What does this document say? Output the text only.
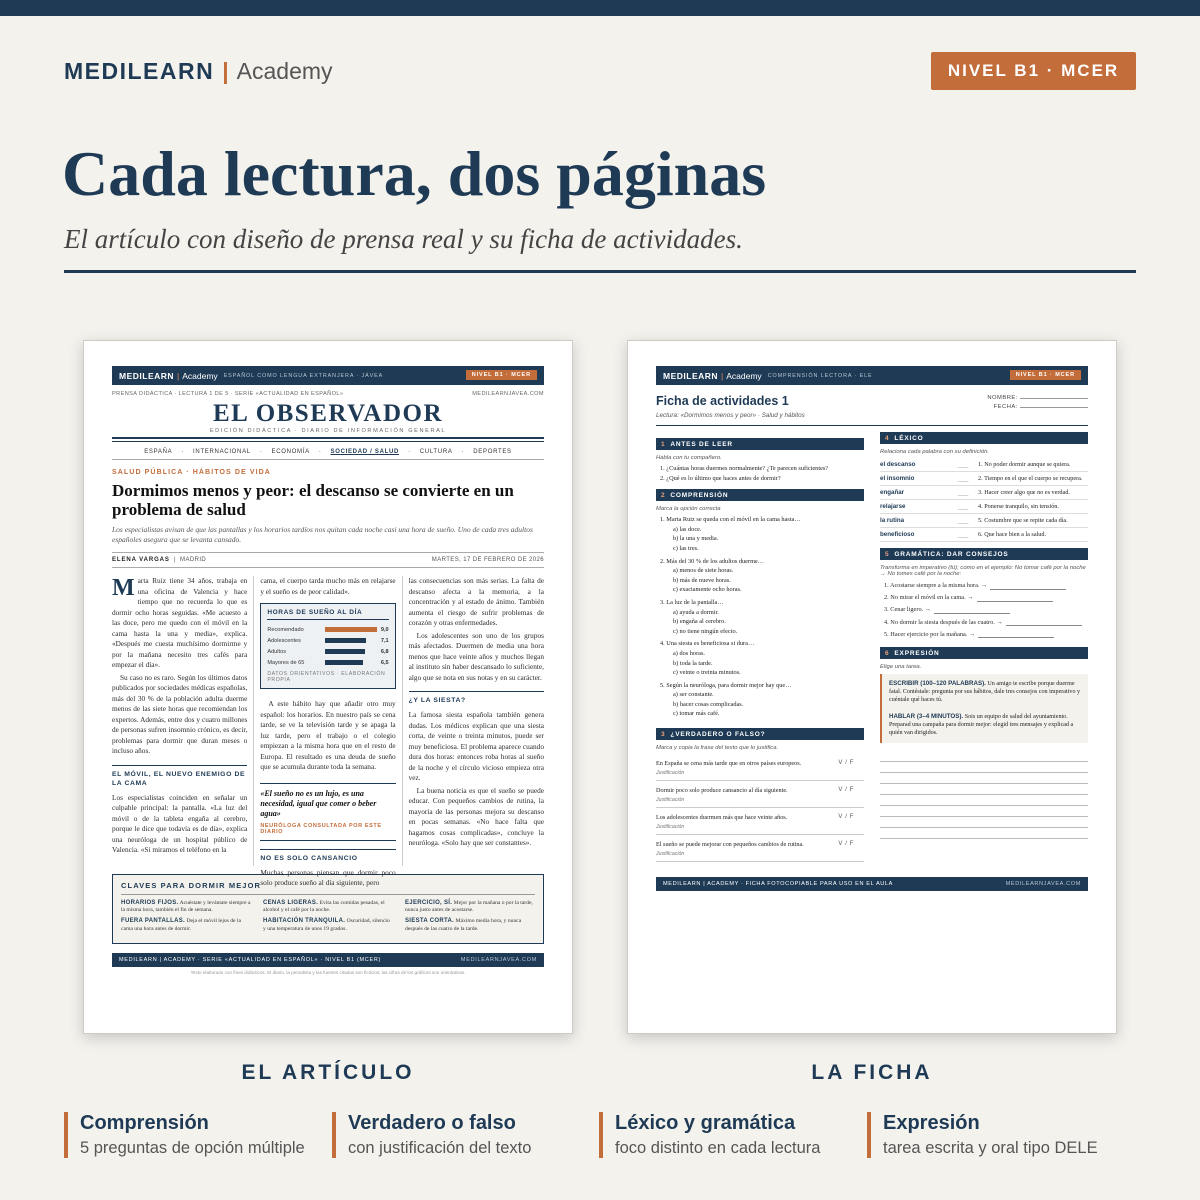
MEDILEARN | Academy	NIVEL B1 · MCER
Cada lectura, dos páginas
El artículo con diseño de prensa real y su ficha de actividades.
MEDILEARN | Academy ESPAÑOL COMO LENGUA EXTRANJERA · JÁVEA	NIVEL B1 · MCER
PRENSA DIDÁCTICA · LECTURA 1 DE 5 · SERIE «ACTUALIDAD EN ESPAÑOL»	MEDILEARNJAVEA.COM
EL OBSERVADOR
EDICIÓN DIDÁCTICA · DIARIO DE INFORMACIÓN GENERAL
ESPAÑA · INTERNACIONAL · ECONOMÍA · SOCIEDAD / SALUD · CULTURA · DEPORTES
SALUD PÚBLICA · HÁBITOS DE VIDA
Dormimos menos y peor: el descanso se convierte en un problema de salud
Los especialistas avisan de que las pantallas y los horarios tardíos nos quitan cada noche casi una hora de sueño. Uno de cada tres adultos españoles asegura que se levanta cansado.
ELENA VARGAS  |  MADRID	MARTES, 17 DE FEBRERO DE 2026

Marta Ruiz tiene 34 años, trabaja en una oficina de Valencia y hace tiempo que no recuerda lo que es dormir ocho horas seguidas. «Me acuesto a las doce, pero me quedo con el móvil en la cama hasta la una y media», explica. «Después me cuesta muchísimo dormirme y por la mañana necesito tres cafés para empezar el día».

Su caso no es raro. Según los últimos datos publicados por sociedades médicas españolas, más del 30 % de la población adulta duerme menos de las siete horas que recomiendan los expertos. Además, entre dos y cuatro millones de personas sufren insomnio crónico, es decir, problemas para dormir que duran meses o incluso años.

EL MÓVIL, EL NUEVO ENEMIGO DE LA CAMA

Los especialistas coinciden en señalar un culpable principal: la pantalla. «La luz del móvil o de la tableta engaña al cerebro, porque le dice que todavía es de día», explica una neuróloga de un hospital público de Valencia. «Si miramos el teléfono en la

cama, el cuerpo tarda mucho más en relajarse y el sueño es de peor calidad».

HORAS DE SUEÑO AL DÍA
Recomendado	9,0
Adolescentes	7,1
Adultos	6,8
Mayores de 65	6,5
DATOS ORIENTATIVOS · ELABORACIÓN PROPIA

A este hábito hay que añadir otro muy español: los horarios. En nuestro país se cena tarde, se ve la televisión tarde y se apaga la luz tarde, pero el trabajo o el colegio empiezan a la misma hora que en el resto de Europa. El resultado es una deuda de sueño que se acumula durante toda la semana.

«El sueño no es un lujo, es una necesidad, igual que comer o beber agua»
NEURÓLOGA CONSULTADA POR ESTE DIARIO
NO ES SOLO CANSANCIO

Muchas personas piensan que dormir poco solo produce sueño al día siguiente, pero

las consecuencias son más serias. La falta de descanso afecta a la memoria, a la concentración y al estado de ánimo. También aumenta el riesgo de sufrir problemas de corazón y otras enfermedades.

Los adolescentes son uno de los grupos más afectados. Duermen de media una hora menos que hace veinte años y muchos llegan al instituto sin haber descansado lo suficiente, algo que se nota en sus notas y en su carácter.

¿Y LA SIESTA?

La famosa siesta española también genera dudas. Los médicos explican que una siesta corta, de veinte o treinta minutos, puede ser muy beneficiosa. El problema aparece cuando dura dos horas: entonces roba horas al sueño de la noche y el círculo vicioso empieza otra vez.

La buena noticia es que el sueño se puede educar. Con pequeños cambios de rutina, la mayoría de las personas mejora su descanso en pocas semanas. «No hace falta que hagamos cosas complicadas», concluye la neuróloga. «Solo hay que ser constantes».

CLAVES PARA DORMIR MEJOR
HORARIOS FIJOS. Acuéstate y levántate siempre a la misma hora, también el fin de semana.
CENAS LIGERAS. Evita las comidas pesadas, el alcohol y el café por la noche.
EJERCICIO, SÍ. Mejor por la mañana o por la tarde, nunca justo antes de acostarse.
FUERA PANTALLAS. Deja el móvil lejos de la cama una hora antes de dormir.
HABITACIÓN TRANQUILA. Oscuridad, silencio y una temperatura de unos 19 grados.
SIESTA CORTA. Máximo media hora, y nunca después de las cuatro de la tarde.
MEDILEARN | ACADEMY · SERIE «ACTUALIDAD EN ESPAÑOL» · NIVEL B1 (MCER)	MEDILEARNJAVEA.COM
Texto elaborado con fines didácticos. El diario, la periodista y las fuentes citadas son ficticios; las cifras de los gráficos son orientativas.
MEDILEARN | Academy COMPRENSIÓN LECTORA · ELE	NIVEL B1 · MCER
Ficha de actividades 1
Lectura: «Dormimos menos y peor» · Salud y hábitos
NOMBRE:
FECHA:
1 ANTES DE LEER
Habla con tu compañero.
1. ¿Cuántas horas duermes normalmente? ¿Te parecen suficientes?
2. ¿Qué es lo último que haces antes de dormir?
2 COMPRENSIÓN
Marca la opción correcta
1. Marta Ruiz se queda con el móvil en la cama hasta…
a) las doce.
b) la una y media.
c) las tres.
2. Más del 30 % de los adultos duerme…
a) menos de siete horas.
b) más de nueve horas.
c) exactamente ocho horas.
3. La luz de la pantalla…
a) ayuda a dormir.
b) engaña al cerebro.
c) no tiene ningún efecto.
4. Una siesta es beneficiosa si dura…
a) dos horas.
b) toda la tarde.
c) veinte o treinta minutos.
5. Según la neuróloga, para dormir mejor hay que…
a) ser constante.
b) hacer cosas complicadas.
c) tomar más café.
3 ¿VERDADERO O FALSO?
Marca y copia la frase del texto que lo justifica.
En España se cena más tarde que en otros países europeos.	V / F
Justificación
Dormir poco solo produce cansancio al día siguiente.	V / F
Justificación
Los adolescentes duermen más que hace veinte años.	V / F
Justificación
El sueño se puede mejorar con pequeños cambios de rutina.	V / F
Justificación
4 LÉXICO
Relaciona cada palabra con su definición.
el descanso	___	1. No poder dormir aunque se quiera.
el insomnio	___	2. Tiempo en el que el cuerpo se recupera.
engañar	___	3. Hacer creer algo que no es verdad.
relajarse	___	4. Ponerse tranquilo, sin tensión.
la rutina	___	5. Costumbre que se repite cada día.
beneficioso	___	6. Que hace bien a la salud.
5 GRAMÁTICA: DAR CONSEJOS
Transforma en imperativo (tú); como en el ejemplo: No tomar café por la noche → No tomes café por la noche:
1. Acostarse siempre a la misma hora. →
2. No mirar el móvil en la cama. →
3. Cenar ligero. →
4. No dormir la siesta después de las cuatro. →
5. Hacer ejercicio por la mañana. →
6 EXPRESIÓN
Elige una tarea.
ESCRIBIR (100–120 PALABRAS). Un amigo te escribe porque duerme fatal. Contéstale: pregunta por sus hábitos, dale tres consejos con imperativo y cuéntale qué haces tú.
HABLAR (3–4 MINUTOS). Sois un equipo de salud del ayuntamiento. Preparad una campaña para dormir mejor: elegid tres mensajes y explicad a quién van dirigidos.
MEDILEARN | ACADEMY · FICHA FOTOCOPIABLE PARA USO EN EL AULA	MEDILEARNJAVEA.COM
EL ARTÍCULO	LA FICHA
Comprensión
5 preguntas de opción múltiple
Verdadero o falso
con justificación del texto
Léxico y gramática
foco distinto en cada lectura
Expresión
tarea escrita y oral tipo DELE
